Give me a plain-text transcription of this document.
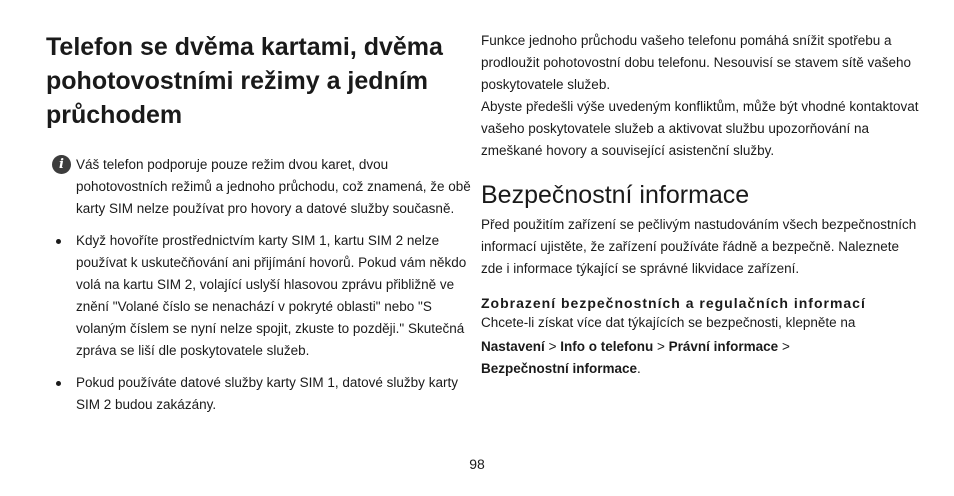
Telefon se dvěma kartami, dvěma
pohotovostními režimy a jedním
průchodem
i Váš telefon podporuje pouze režim dvou karet, dvou pohotovostních režimů a jednoho průchodu, což znamená, že obě karty SIM nelze používat pro hovory a datové služby současně.

Když hovoříte prostřednictvím karty SIM 1, kartu SIM 2 nelze používat k uskutečňování ani přijímání hovorů. Pokud vám někdo volá na kartu SIM 2, volající uslyší hlasovou zprávu přibližně ve znění "Volané číslo se nenachází v pokryté oblasti" nebo "S volaným číslem se nyní nelze spojit, zkuste to později." Skutečná zpráva se liší dle poskytovatele služeb.

Pokud používáte datové služby karty SIM 1, datové služby karty SIM 2 budou zakázány.

Funkce jednoho průchodu vašeho telefonu pomáhá snížit spotřebu a prodloužit pohotovostní dobu telefonu. Nesouvisí se stavem sítě vašeho poskytovatele služeb.

Abyste předešli výše uvedeným konfliktům, může být vhodné kontaktovat vašeho poskytovatele služeb a aktivovat službu upozorňování na zmeškané hovory a související asistenční služby.

Bezpečnostní informace

Před použitím zařízení se pečlivým nastudováním všech bezpečnostních informací ujistěte, že zařízení používáte řádně a bezpečně. Naleznete zde i informace týkající se správné likvidace zařízení.

Zobrazení bezpečnostních a regulačních informací

Chcete-li získat více dat týkajících se bezpečnosti, klepněte na

Nastavení > Info o telefonu > Právní informace >
Bezpečnostní informace.

98
